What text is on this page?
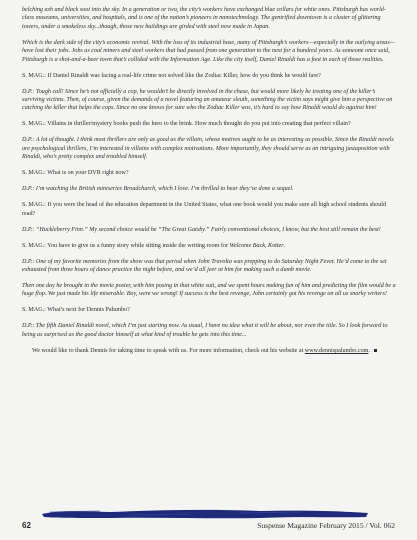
belching ash and black soot into the sky. In a generation or two, the city’s workers have exchanged blue collars for white ones. Pittsburgh has world-class museums, universities, and hospitals, and is one of the nation’s pioneers in nanotechnology. The gentrified downtown is a cluster of glittering towers, under a smokeless sky...though, those new buildings are girded with steel now made in Japan.

Which is the dark side of the city’s economic revival. With the loss of its industrial base, many of Pittsburgh’s workers—especially in the outlying areas—have lost their jobs. Jobs as coal miners and steel workers that had passed from one generation to the next for a hundred years. As someone once said, Pittsburgh is a shot-and-a-beer town that’s collided with the Information Age. Like the city itself, Daniel Rinaldi has a foot in each of those realities.

S. MAG.: If Daniel Rinaldi was facing a real-life crime not solved like the Zodiac Killer, how do you think he would fare?

D.P.: Tough call! Since he’s not officially a cop, he wouldn’t be directly involved in the chase, but would more likely be treating one of the killer’s surviving victims. Then, of course, given the demands of a novel featuring an amateur sleuth, something the victim says might give him a perspective on catching the killer that helps the cops. Since no one knows for sure who the Zodiac Killer was, it’s hard to say how Rinaldi would do against him!

S. MAG.: Villains in thriller/mystery books push the hero to the brink. How much thought do you put into creating that perfect villain?

D.P.: A lot of thought. I think most thrillers are only as good as the villain, whose motives ought to be as interesting as possible. Since the Rinaldi novels are psychological thrillers, I’m interested in villains with complex motivations. More importantly, they should serve as an intriguing juxtaposition with Rinaldi, who’s pretty complex and troubled himself.

S. MAG.: What is on your DVR right now?

D.P.: I’m watching the British miniseries Broadchurch, which I love. I’m thrilled to hear they’ve done a sequel.

S. MAG.: If you were the head of the education department in the United States, what one book would you make sure all high school students should read?

D.P.: “Huckleberry Finn.” My second choice would be “The Great Gatsby.” Fairly conventional choices, I know, but the best still remain the best!

S. MAG.: You have to give us a funny story while sitting inside the writing room for Welcome Back, Kotter.

D.P.: One of my favorite memories from the show was that period when John Travolta was prepping to do Saturday Night Fever. He’d come to the set exhausted from three hours of dance practice the night before, and we’d all jeer at him for making such a dumb movie.

Then one day he brought in the movie poster, with him posing in that white suit, and we spent hours making fun of him and predicting the film would be a huge flop. We just made his life miserable. Boy, were we wrong! If success is the best revenge, John certainly got his revenge on all us snarky writers!

S. MAG.: What’s next for Dennis Palumbo?

D.P.: The fifth Daniel Rinaldi novel, which I’m just starting now. As usual, I have no idea what it will be about, nor even the title. So I look forward to being as surprised as the good doctor himself at what kind of trouble he gets into this time...

We would like to thank Dennis for taking time to speak with us. For more information, check out his website at www.dennispalumbo.com.

62	Suspense Magazine February 2015 / Vol. 062
